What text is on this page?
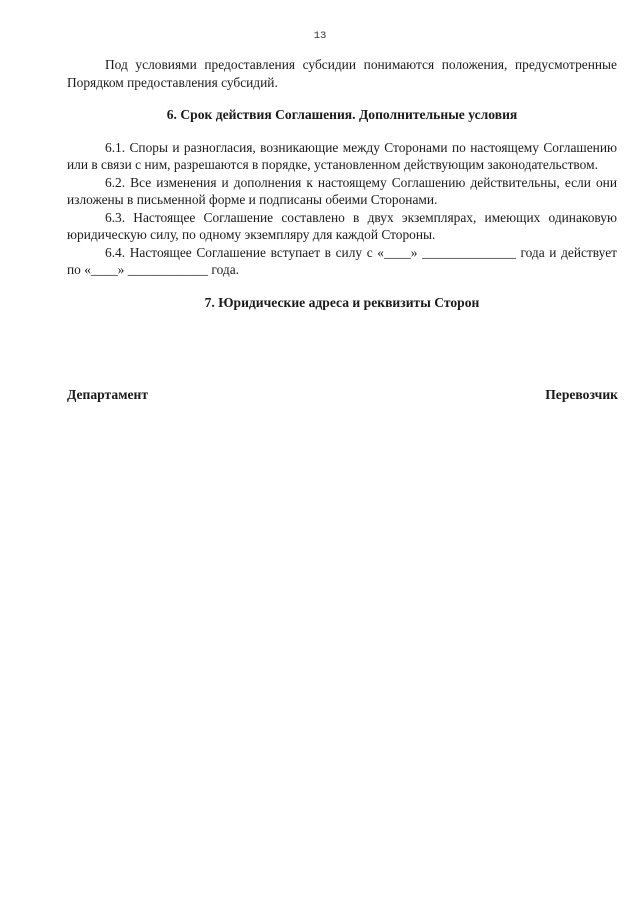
13

Под условиями предоставления субсидии понимаются положения, предусмотренные Порядком предоставления субсидий.

6. Срок действия Соглашения. Дополнительные условия

6.1. Споры и разногласия, возникающие между Сторонами по настоящему Соглашению или в связи с ним, разрешаются в порядке, установленном действующим законодательством.

6.2. Все изменения и дополнения к настоящему Соглашению действительны, если они изложены в письменной форме и подписаны обеими Сторонами.

6.3. Настоящее Соглашение составлено в двух экземплярах, имеющих одинаковую юридическую силу, по одному экземпляру для каждой Стороны.

6.4. Настоящее Соглашение вступает в силу с «____» ______________ года и действует по «____» ____________ года.

7. Юридические адреса и реквизиты Сторон
Департамент	Перевозчик
